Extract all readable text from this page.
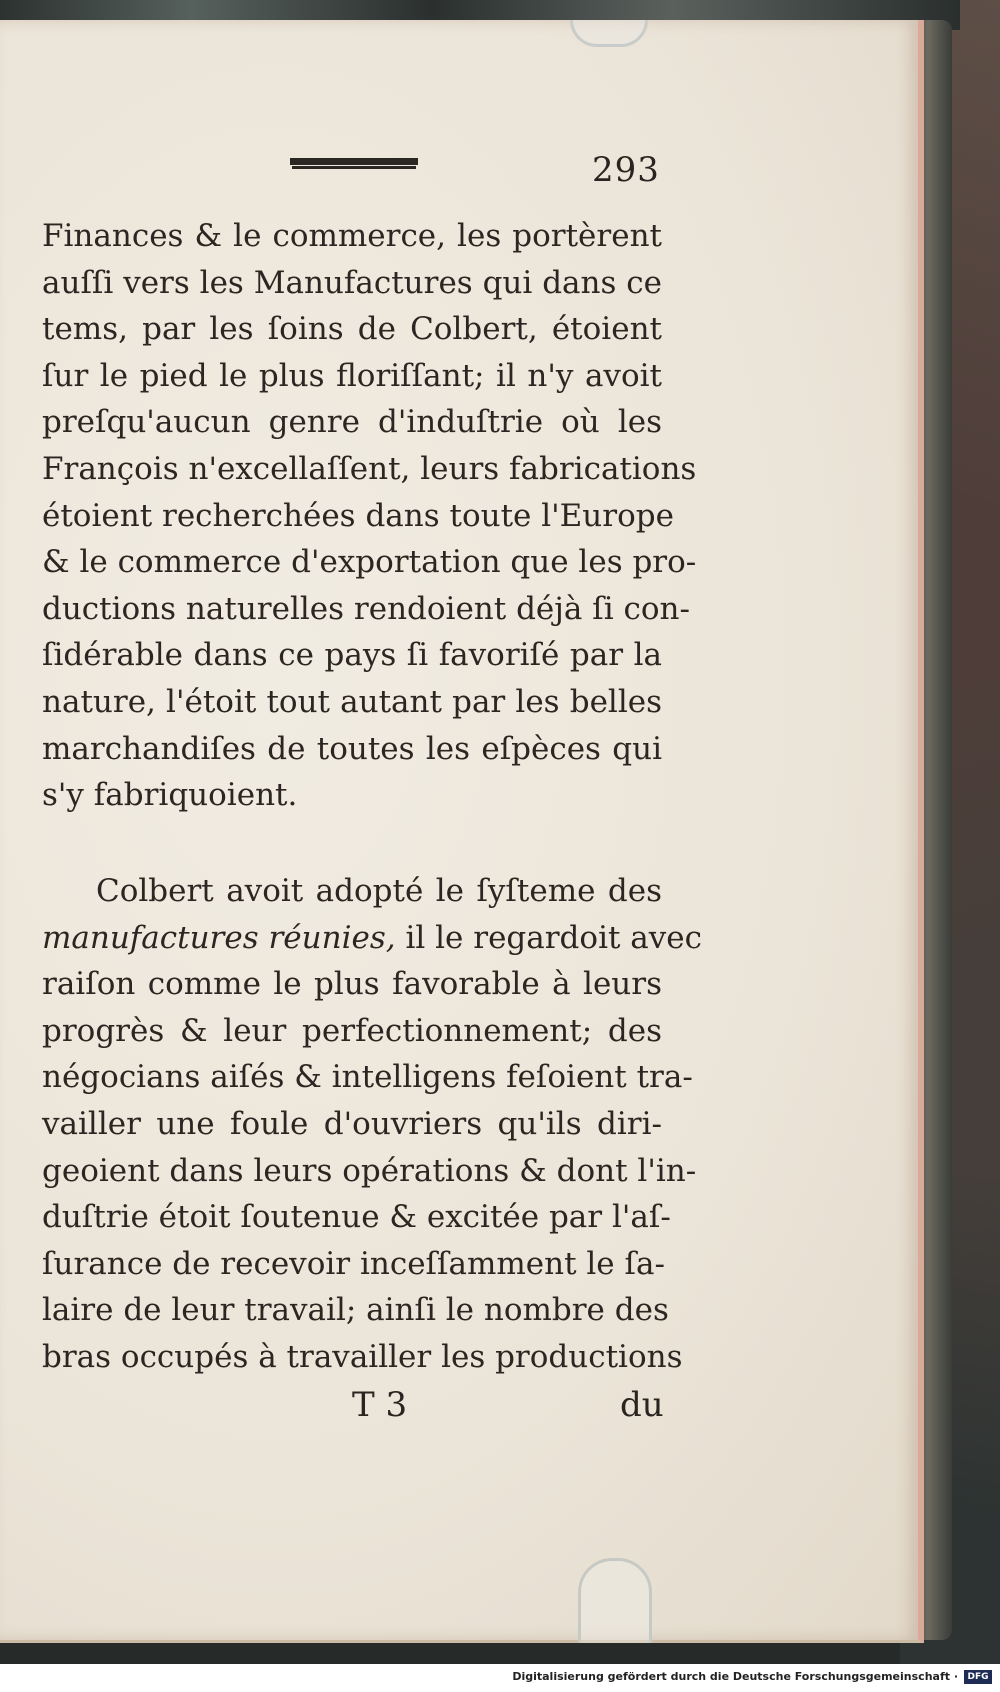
293
Finances & le commerce, les portèrent
auſſi vers les Manufactures qui dans ce
tems, par les ſoins de Colbert, étoient
ſur le pied le plus floriſſant; il n'y avoit
preſqu'aucun genre d'induſtrie où les
François n'excellaſſent, leurs fabrications
étoient recherchées dans toute l'Europe
& le commerce d'exportation que les pro-
ductions naturelles rendoient déjà ſi con-
ſidérable dans ce pays ſi favoriſé par la
nature, l'étoit tout autant par les belles
marchandiſes de toutes les eſpèces qui
s'y fabriquoient.
Colbert avoit adopté le ſyſteme des
manufactures réunies, il le regardoit avec
raiſon comme le plus favorable à leurs
progrès & leur perfectionnement; des
négocians aiſés & intelligens feſoient tra-
vailler une foule d'ouvriers qu'ils diri-
geoient dans leurs opérations & dont l'in-
duſtrie étoit ſoutenue & excitée par l'aſ-
ſurance de recevoir inceſſamment le ſa-
laire de leur travail; ainſi le nombre des
bras occupés à travailler les productions
T 3	du
Digitalisierung gefördert durch die Deutsche Forschungsgemeinschaft ·	DFG
